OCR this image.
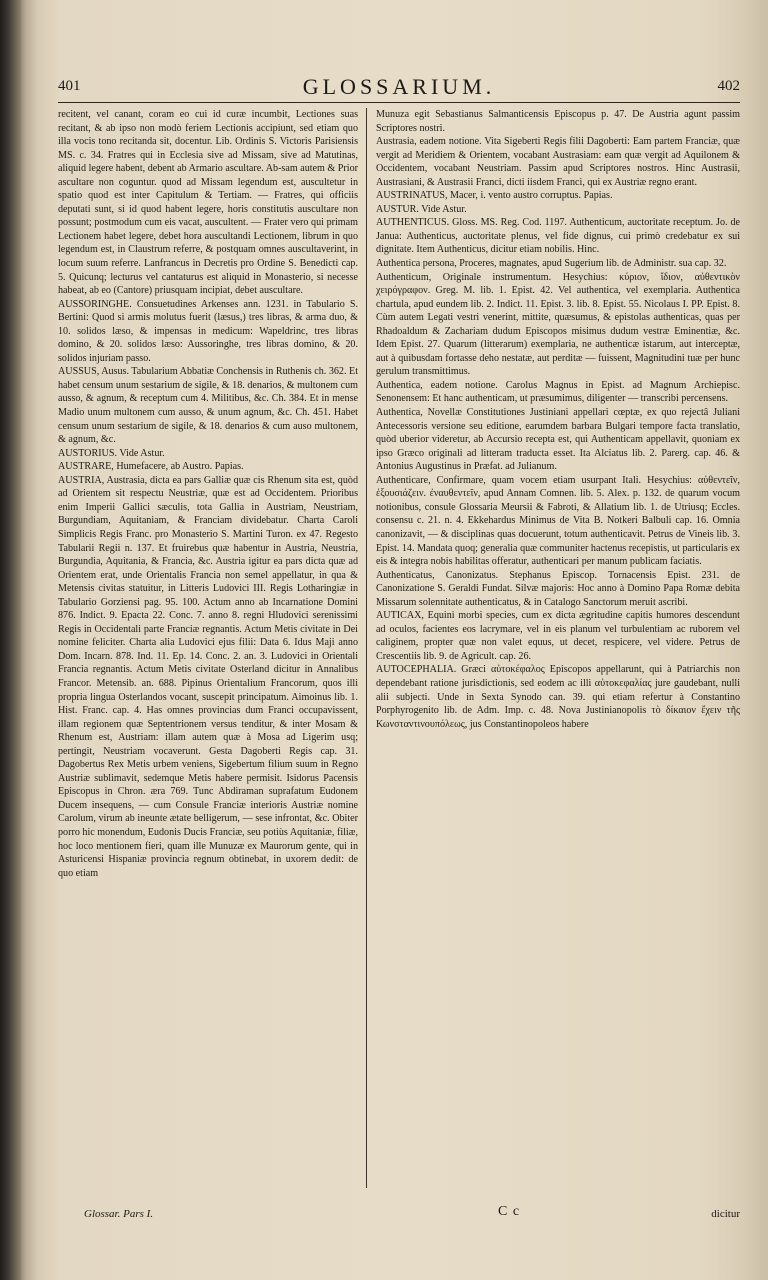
401	GLOSSARIUM.	402

recitent, vel canant, coram eo cui id curæ incumbit, Lectiones suas recitant, & ab ipso non modò feriem Lectionis accipiunt, sed etiam quo illa vocis tono recitanda sit, docentur. Lib. Ordinis S. Victoris Parisiensis MS. c. 34. Fratres qui in Ecclesia sive ad Missam, sive ad Matutinas, aliquid legere habent, debent ab Armario ascultare. Ab-sam autem & Prior ascultare non coguntur. quod ad Missam legendum est, auscultetur in spatio quod est inter Capitulum & Tertiam. — Fratres, qui officiis deputati sunt, si id quod habent legere, horis constitutis auscultare non possunt; postmodum cum eis vacat, auscultent. — Frater vero qui primam Lectionem habet legere, debet hora auscultandi Lectionem, librum in quo legendum est, in Claustrum referre, & postquam omnes auscultaverint, in locum suum referre. Lanfrancus in Decretis pro Ordine S. Benedicti cap. 5. Quicunq; lecturus vel cantaturus est aliquid in Monasterio, si necesse habeat, ab eo (Cantore) priusquam incipiat, debet auscultare.

AUSSORINGHE. Consuetudines Arkenses ann. 1231. in Tabulario S. Bertini: Quod si armis molutus fuerit (læsus,) tres libras, & arma duo, & 10. solidos læso, & impensas in medicum: Wapeldrinc, tres libras domino, & 20. solidos læso: Aussoringhe, tres libras domino, & 20. solidos injuriam passo.

AUSSUS, Ausus. Tabularium Abbatiæ Conchensis in Ruthenis ch. 362. Et habet censum unum sestarium de sigile, & 18. denarios, & multonem cum ausso, & agnum, & receptum cum 4. Militibus, &c. Ch. 384. Et in mense Madio unum multonem cum ausso, & unum agnum, &c. Ch. 451. Habet censum unum sestarium de sigile, & 18. denarios & cum auso multonem, & agnum, &c.

AUSTORIUS. Vide Astur.

AUSTRARE, Humefacere, ab Austro. Papias.

AUSTRIA, Austrasia, dicta ea pars Galliæ quæ cis Rhenum sita est, quòd ad Orientem sit respectu Neustriæ, quæ est ad Occidentem. Prioribus enim Imperii Gallici sæculis, tota Gallia in Austriam, Neustriam, Burgundiam, Aquitaniam, & Franciam dividebatur. Charta Caroli Simplicis Regis Franc. pro Monasterio S. Martini Turon. ex 47. Regesto Tabularii Regii n. 137. Et fruirebus quæ habentur in Austria, Neustria, Burgundia, Aquitania, & Francia, &c. Austria igitur ea pars dicta quæ ad Orientem erat, unde Orientalis Francia non semel appellatur, in qua & Metensis civitas statuitur, in Litteris Ludovici III. Regis Lotharingiæ in Tabulario Gorziensi pag. 95. 100. Actum anno ab Incarnatione Domini 876. Indict. 9. Epacta 22. Conc. 7. anno 8. regni Hludovici serenissimi Regis in Occidentali parte Franciæ regnantis. Actum Metis civitate in Dei nomine feliciter. Charta alia Ludovici ejus filii: Data 6. Idus Maji anno Dom. Incarn. 878. Ind. 11. Ep. 14. Conc. 2. an. 3. Ludovici in Orientali Francia regnantis. Actum Metis civitate Osterland dicitur in Annalibus Francor. Metensib. an. 688. Pipinus Orientalium Francorum, quos illi propria lingua Osterlandos vocant, suscepit principatum. Aimoinus lib. 1. Hist. Franc. cap. 4. Has omnes provincias dum Franci occupavissent, illam regionem quæ Septentrionem versus tenditur, & inter Mosam & Rhenum est, Austriam: illam autem quæ à Mosa ad Ligerim usq; pertingit, Neustriam vocaverunt. Gesta Dagoberti Regis cap. 31. Dagobertus Rex Metis urbem veniens, Sigebertum filium suum in Regno Austriæ sublimavit, sedemque Metis habere permisit. Isidorus Pacensis Episcopus in Chron. æra 769. Tunc Abdiraman suprafatum Eudonem Ducem insequens, — cum Consule Franciæ interioris Austriæ nomine Carolum, virum ab ineunte ætate belligerum, — sese infrontat, &c. Obiter porro hic monendum, Eudonis Ducis Franciæ, seu potiùs Aquitaniæ, filiæ, hoc loco mentionem fieri, quam ille Munuzæ ex Maurorum gente, qui in Asturicensi Hispaniæ provincia regnum obtinebat, in uxorem dedit: de quo etiam

Munuza egit Sebastianus Salmanticensis Episcopus p. 47. De Austria agunt passim Scriptores nostri.

Austrasia, eadem notione. Vita Sigeberti Regis filii Dagoberti: Eam partem Franciæ, quæ vergit ad Meridiem & Orientem, vocabant Austrasiam: eam quæ vergit ad Aquilonem & Occidentem, vocabant Neustriam. Passim apud Scriptores nostros. Hinc Austrasii, Austrasiani, & Austrasii Franci, dicti iisdem Franci, qui ex Austriæ regno erant.

AUSTRINATUS, Macer, i. vento austro corruptus. Papias.

AUSTUR. Vide Astur.

AUTHENTICUS. Gloss. MS. Reg. Cod. 1197. Authenticum, auctoritate receptum. Jo. de Janua: Authenticus, auctoritate plenus, vel fide dignus, cui primò credebatur ex sui dignitate. Item Authenticus, dicitur etiam nobilis. Hinc.

Authentica persona, Proceres, magnates, apud Sugerium lib. de Administr. sua cap. 32.

Authenticum, Originale instrumentum. Hesychius: κύριον, ἴδιον, αὐθεντικὸν χειρόγραφον. Greg. M. lib. 1. Epist. 42. Vel authentica, vel exemplaria. Authentica chartula, apud eundem lib. 2. Indict. 11. Epist. 3. lib. 8. Epist. 55. Nicolaus I. PP. Epist. 8. Cùm autem Legati vestri venerint, mittite, quæsumus, & epistolas authenticas, quas per Rhadoaldum & Zachariam dudum Episcopos misimus dudum vestræ Eminentiæ, &c. Idem Epist. 27. Quarum (litterarum) exemplaria, ne authenticæ istarum, aut interceptæ, aut à quibusdam fortasse deho nestatæ, aut perditæ — fuissent, Magnitudini tuæ per hunc gerulum transmittimus.

Authentica, eadem notione. Carolus Magnus in Epist. ad Magnum Archiepisc. Senonensem: Et hanc authenticam, ut præsumimus, diligenter — transcribi percensens.

Authentica, Novellæ Constitutiones Justiniani appellari cœptæ, ex quo rejectâ Juliani Antecessoris versione seu editione, earumdem barbara Bulgari tempore facta translatio, quòd uberior videretur, ab Accursio recepta est, qui Authenticam appellavit, quoniam ex ipso Græco originali ad litteram traducta esset. Ita Alciatus lib. 2. Parerg. cap. 46. & Antonius Augustinus in Præfat. ad Julianum.

Authenticare, Confirmare, quam vocem etiam usurpant Itali. Hesychius: αὐθεντεῖν, ἐξουσιάζειν. ἐναυθεντεῖν, apud Annam Comnen. lib. 5. Alex. p. 132. de quarum vocum notionibus, consule Glossaria Meursii & Fabroti, & Allatium lib. 1. de Utriusq; Eccles. consensu c. 21. n. 4. Ekkehardus Minimus de Vita B. Notkeri Balbuli cap. 16. Omnia canonizavit, — & disciplinas quas docuerunt, totum authenticavit. Petrus de Vineis lib. 3. Epist. 14. Mandata quoq; generalia quæ communiter hactenus recepistis, ut particularis ex eis & integra nobis habilitas offeratur, authenticari per manum publicam faciatis.

Authenticatus, Canonizatus. Stephanus Episcop. Tornacensis Epist. 231. de Canonizatione S. Geraldi Fundat. Silvæ majoris: Hoc anno à Domino Papa Romæ debita Missarum solennitate authenticatus, & in Catalogo Sanctorum meruit ascribi.

AUTICAX, Equini morbi species, cum ex dicta ægritudine capitis humores descendunt ad oculos, facientes eos lacrymare, vel in eis planum vel turbulentiam ac ruborem vel caliginem, propter quæ non valet equus, ut decet, respicere, vel videre. Petrus de Crescentiis lib. 9. de Agricult. cap. 26.

AUTOCEPHALIA. Græci αὐτοκέφαλος Episcopos appellarunt, qui à Patriarchis non dependebant ratione jurisdictionis, sed eodem ac illi αὐτοκεφαλίας jure gaudebant, nulli alii subjecti. Unde in Sexta Synodo can. 39. qui etiam refertur à Constantino Porphyrogenito lib. de Adm. Imp. c. 48. Nova Justinianopolis τὸ δίκαιον ἔχειν τῆς Κωνσταντινουπόλεως, jus Constantinopoleos habere

Glossar. Pars I.	C c	dicitur
